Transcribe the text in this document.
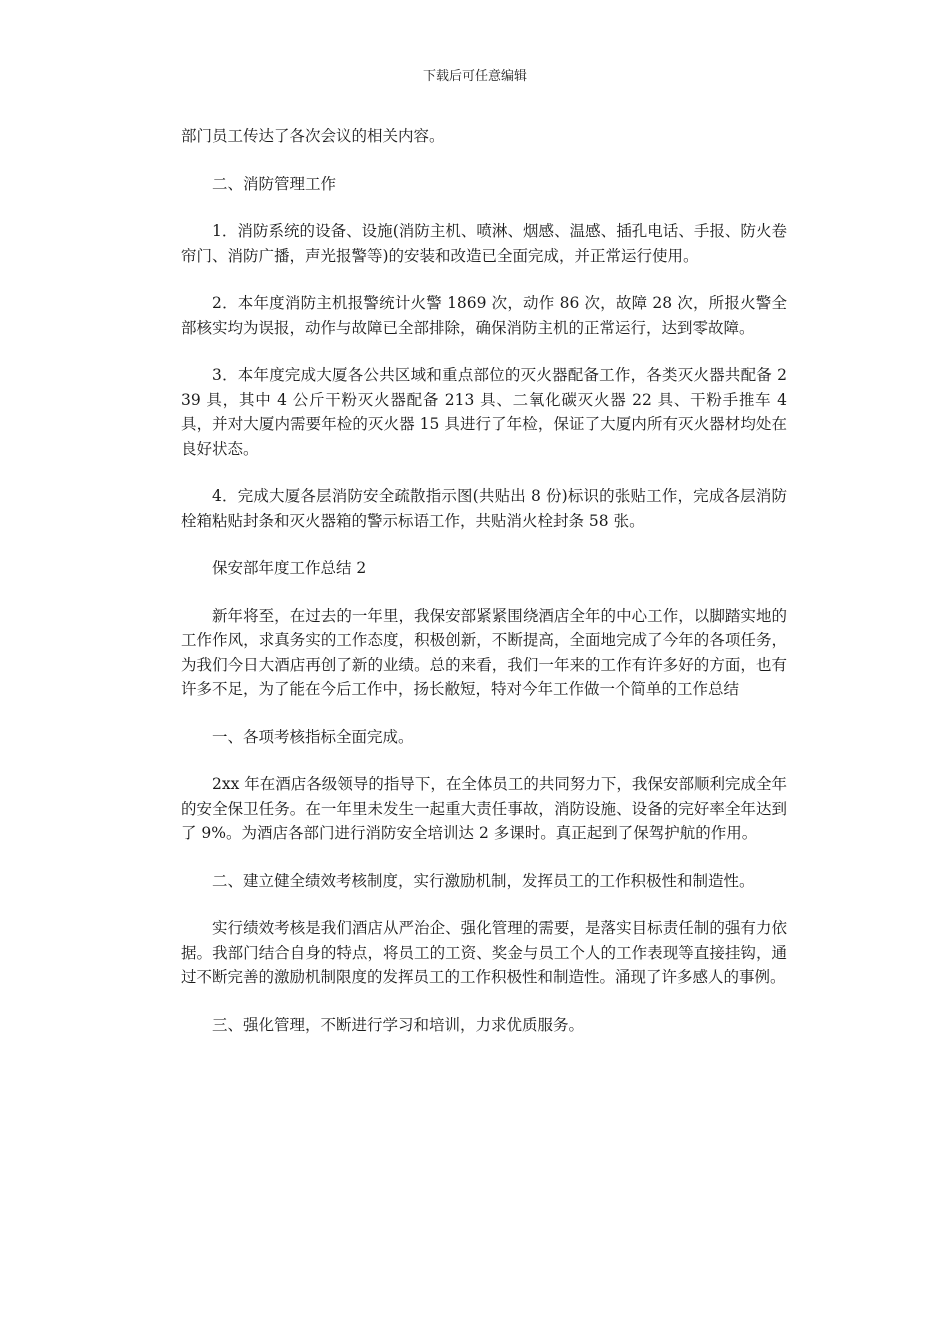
下载后可任意编辑

部门员工传达了各次会议的相关内容。

二、消防管理工作

1．消防系统的设备、设施(消防主机、喷淋、烟感、温感、插孔电话、手报、防火卷帘门、消防广播，声光报警等)的安装和改造已全面完成，并正常运行使用。

2．本年度消防主机报警统计火警 1869 次，动作 86 次，故障 28 次，所报火警全部核实均为误报，动作与故障已全部排除，确保消防主机的正常运行，达到零故障。

3．本年度完成大厦各公共区域和重点部位的灭火器配备工作，各类灭火器共配备 239 具，其中 4 公斤干粉灭火器配备 213 具、二氧化碳灭火器 22 具、干粉手推车 4 具，并对大厦内需要年检的灭火器 15 具进行了年检，保证了大厦内所有灭火器材均处在良好状态。

4．完成大厦各层消防安全疏散指示图(共贴出 8 份)标识的张贴工作，完成各层消防栓箱粘贴封条和灭火器箱的警示标语工作，共贴消火栓封条 58 张。

保安部年度工作总结 2

新年将至，在过去的一年里，我保安部紧紧围绕酒店全年的中心工作，以脚踏实地的工作作风，求真务实的工作态度，积极创新，不断提高，全面地完成了今年的各项任务，为我们今日大酒店再创了新的业绩。总的来看，我们一年来的工作有许多好的方面，也有许多不足，为了能在今后工作中，扬长敝短，特对今年工作做一个简单的工作总结

一、各项考核指标全面完成。

2xx 年在酒店各级领导的指导下，在全体员工的共同努力下，我保安部顺利完成全年的安全保卫任务。在一年里未发生一起重大责任事故，消防设施、设备的完好率全年达到了 9%。为酒店各部门进行消防安全培训达 2 多课时。真正起到了保驾护航的作用。

二、建立健全绩效考核制度，实行激励机制，发挥员工的工作积极性和制造性。

实行绩效考核是我们酒店从严治企、强化管理的需要，是落实目标责任制的强有力依据。我部门结合自身的特点，将员工的工资、奖金与员工个人的工作表现等直接挂钩，通过不断完善的激励机制限度的发挥员工的工作积极性和制造性。涌现了许多感人的事例。

三、强化管理，不断进行学习和培训，力求优质服务。
